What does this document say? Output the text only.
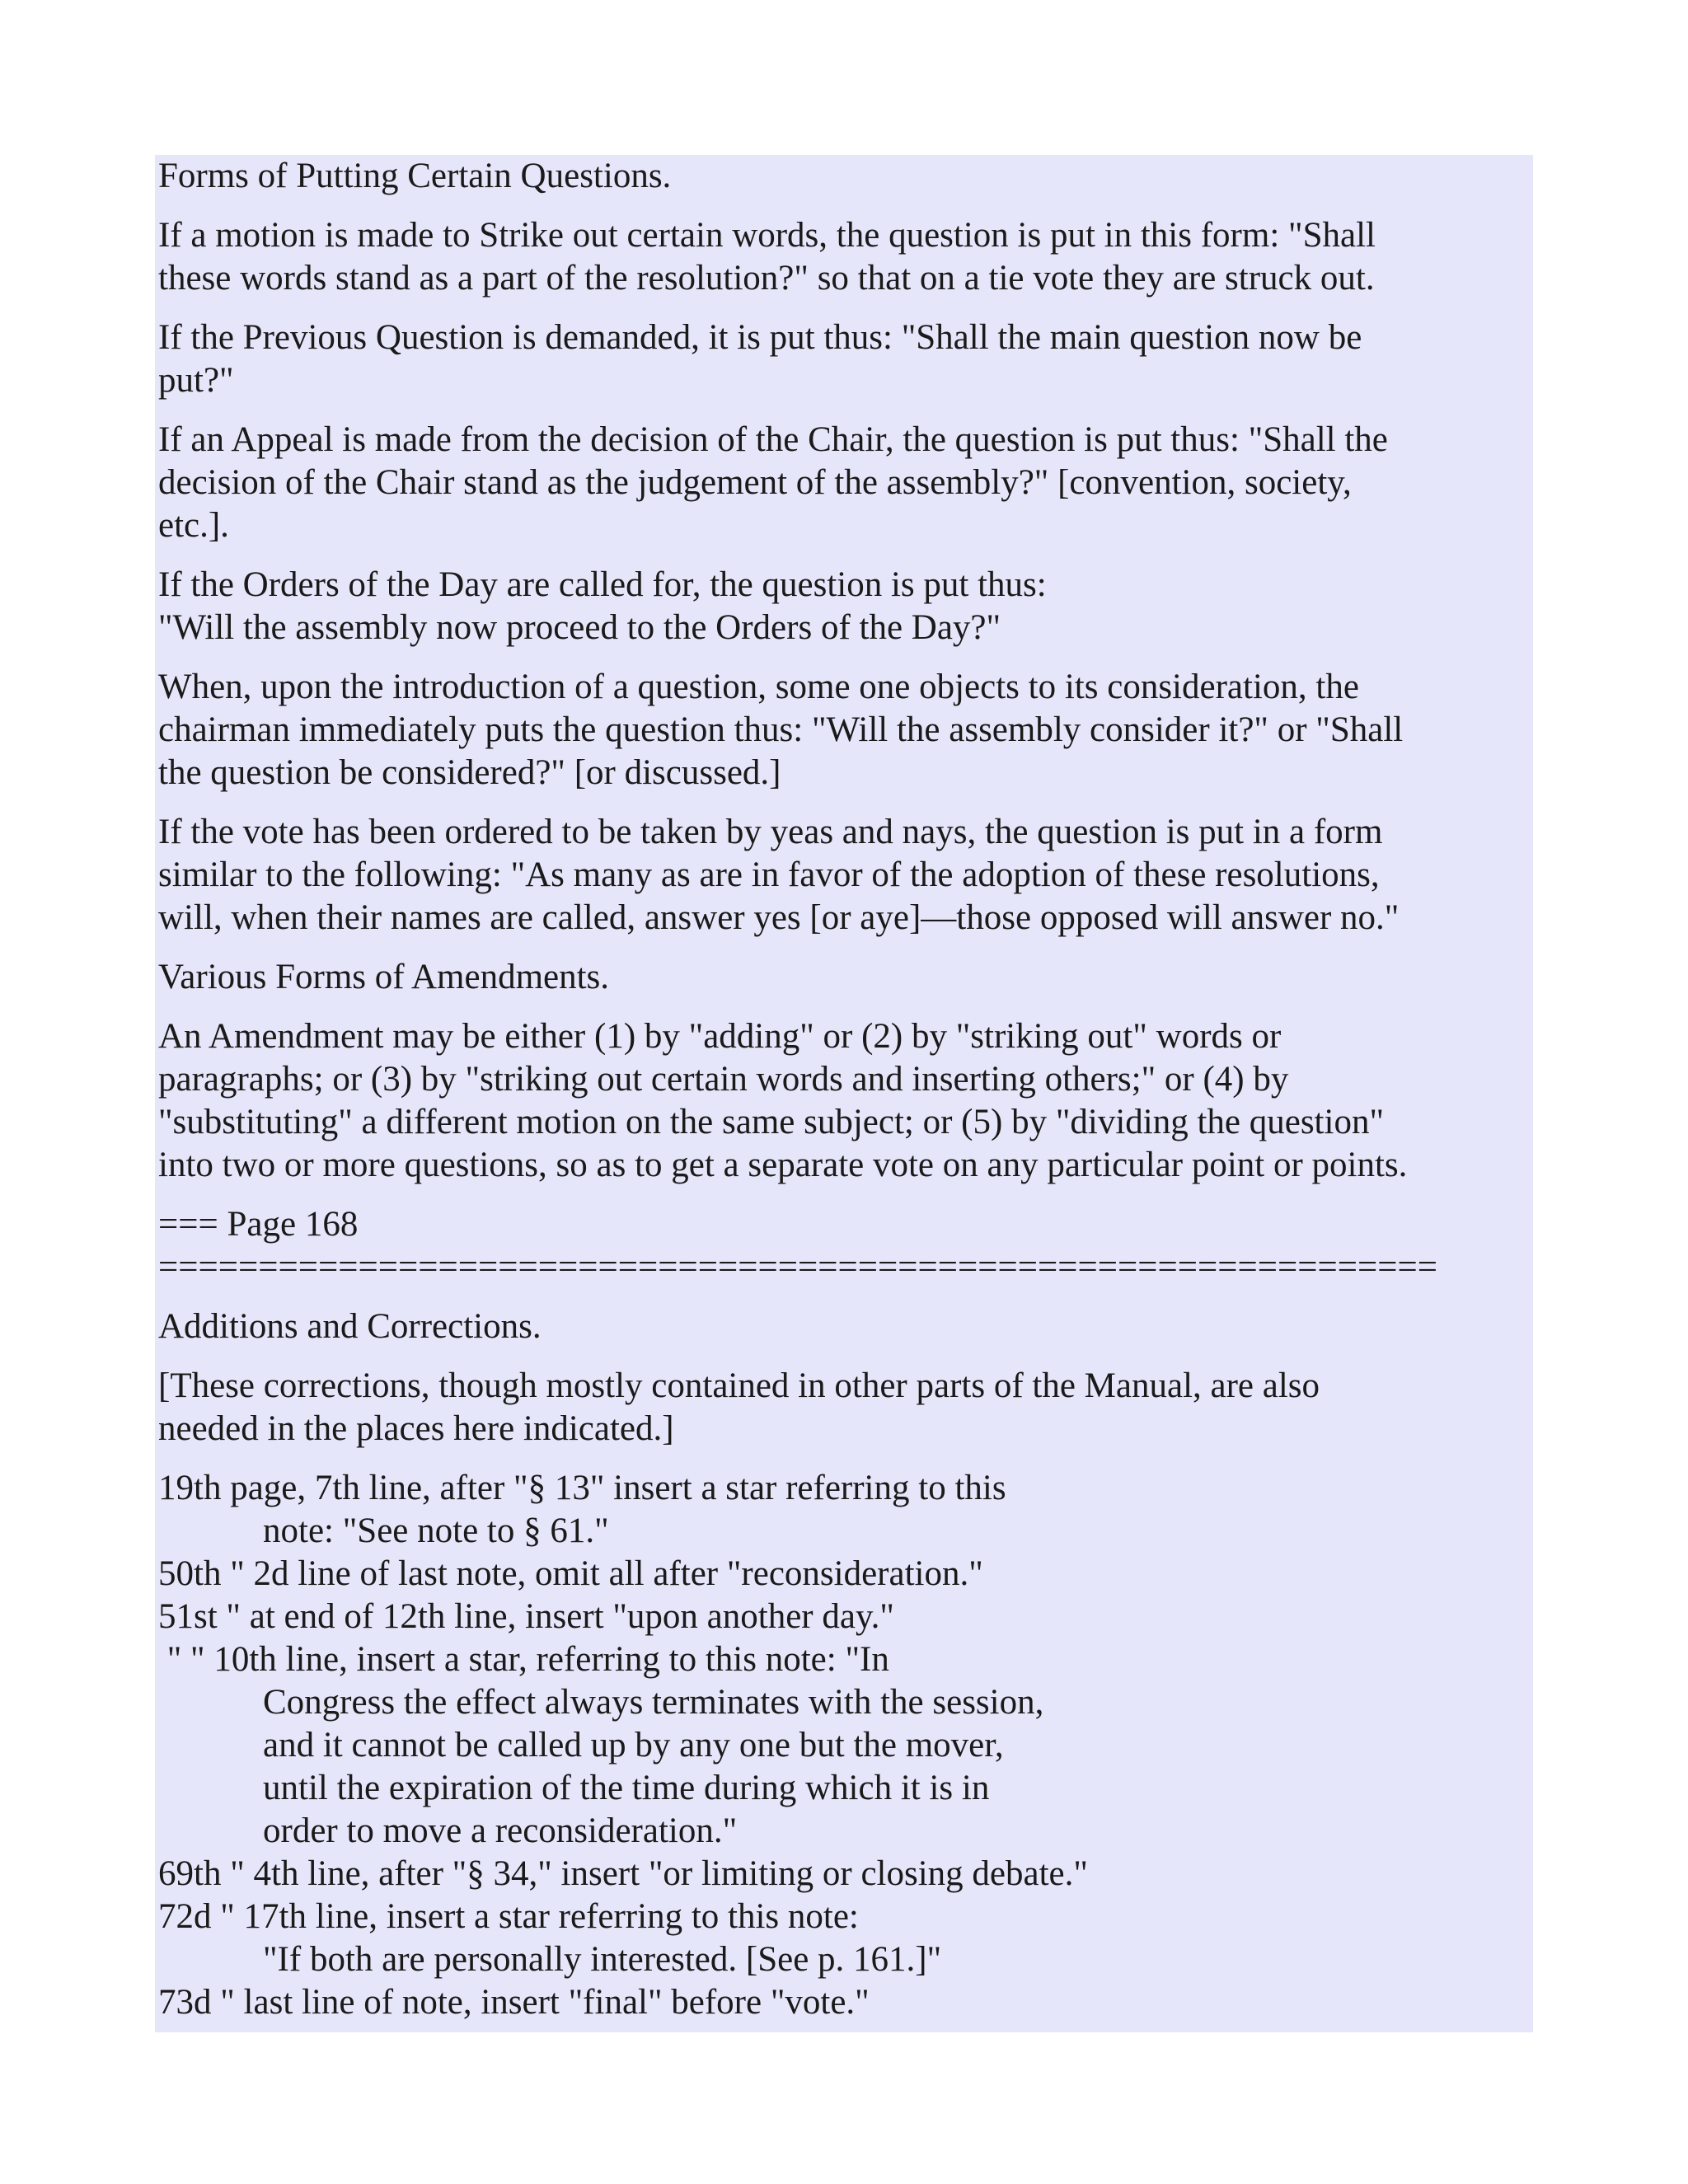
Forms of Putting Certain Questions.

If a motion is made to Strike out certain words, the question is put in this form: "Shall
these words stand as a part of the resolution?" so that on a tie vote they are struck out.

If the Previous Question is demanded, it is put thus: "Shall the main question now be
put?"

If an Appeal is made from the decision of the Chair, the question is put thus: "Shall the
decision of the Chair stand as the judgement of the assembly?" [convention, society,
etc.].

If the Orders of the Day are called for, the question is put thus:
"Will the assembly now proceed to the Orders of the Day?"

When, upon the introduction of a question, some one objects to its consideration, the
chairman immediately puts the question thus: "Will the assembly consider it?" or "Shall
the question be considered?" [or discussed.]

If the vote has been ordered to be taken by yeas and nays, the question is put in a form
similar to the following: "As many as are in favor of the adoption of these resolutions,
will, when their names are called, answer yes [or aye]—those opposed will answer no."

Various Forms of Amendments.

An Amendment may be either (1) by "adding" or (2) by "striking out" words or
paragraphs; or (3) by "striking out certain words and inserting others;" or (4) by
"substituting" a different motion on the same subject; or (5) by "dividing the question"
into two or more questions, so as to get a separate vote on any particular point or points.

=== Page 168
================================================================

Additions and Corrections.

[These corrections, though mostly contained in other parts of the Manual, are also
needed in the places here indicated.]

19th page, 7th line, after "§ 13" insert a star referring to this
note: "See note to § 61."
50th " 2d line of last note, omit all after "reconsideration."
51st " at end of 12th line, insert "upon another day."
" " 10th line, insert a star, referring to this note: "In
Congress the effect always terminates with the session,
and it cannot be called up by any one but the mover,
until the expiration of the time during which it is in
order to move a reconsideration."
69th " 4th line, after "§ 34," insert "or limiting or closing debate."
72d " 17th line, insert a star referring to this note:
"If both are personally interested. [See p. 161.]"
73d " last line of note, insert "final" before "vote."
